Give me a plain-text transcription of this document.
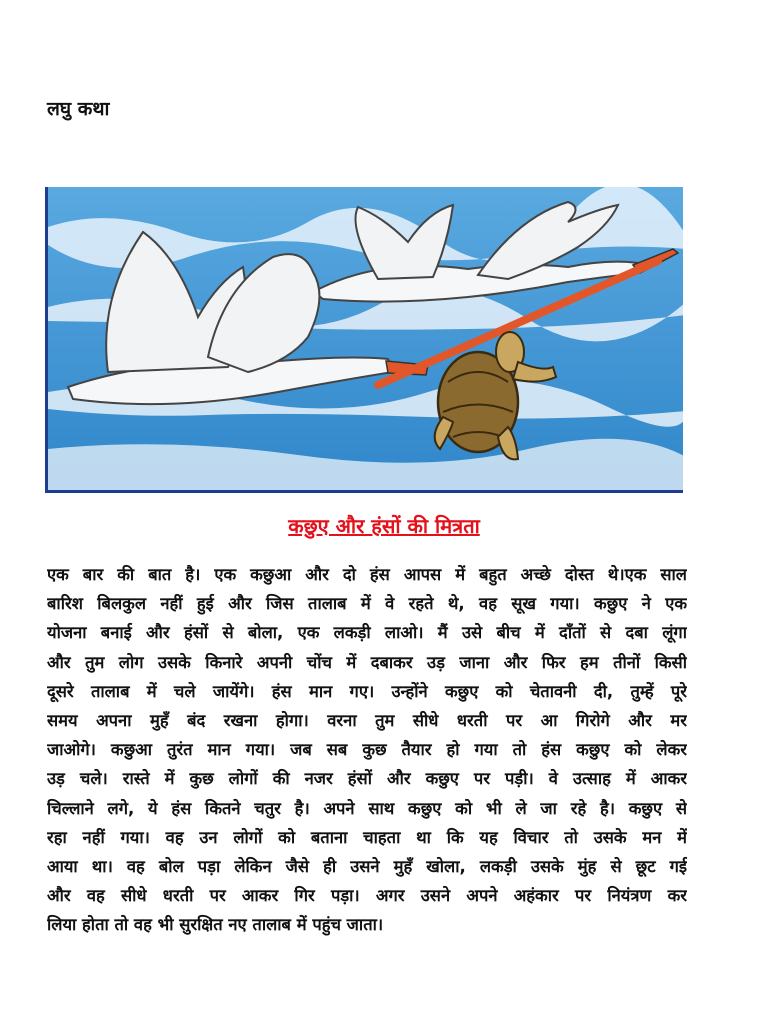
लघु कथा
कछुए और हंसों की मित्रता
एक बार की बात है। एक कछुआ और दो हंस आपस में बहुत अच्छे दोस्त थे।एक साल
बारिश बिलकुल नहीं हुई और जिस तालाब में वे रहते थे, वह सूख गया। कछुए ने एक
योजना बनाई और हंसों से बोला, एक लकड़ी लाओ। मैं उसे बीच में दाँतों से दबा लूंगा
और तुम लोग उसके किनारे अपनी चोंच में दबाकर उड़ जाना और फिर हम तीनों किसी
दूसरे तालाब में चले जायेंगे। हंस मान गए। उन्होंने कछुए को चेतावनी दी, तुम्हें पूरे
समय अपना मुहँ बंद रखना होगा। वरना तुम सीधे धरती पर आ गिरोगे और मर
जाओगे। कछुआ तुरंत मान गया। जब सब कुछ तैयार हो गया तो हंस कछुए को लेकर
उड़ चले। रास्ते में कुछ लोगों की नजर हंसों और कछुए पर पड़ी। वे उत्साह में आकर
चिल्लाने लगे, ये हंस कितने चतुर है। अपने साथ कछुए को भी ले जा रहे है। कछुए से
रहा नहीं गया। वह उन लोगों को बताना चाहता था कि यह विचार तो उसके मन में
आया था। वह बोल पड़ा लेकिन जैसे ही उसने मुहँ खोला, लकड़ी उसके मुंह से छूट गई
और वह सीधे धरती पर आकर गिर पड़ा। अगर उसने अपने अहंकार पर नियंत्रण कर
लिया होता तो वह भी सुरक्षित नए तालाब में पहुंच जाता।
